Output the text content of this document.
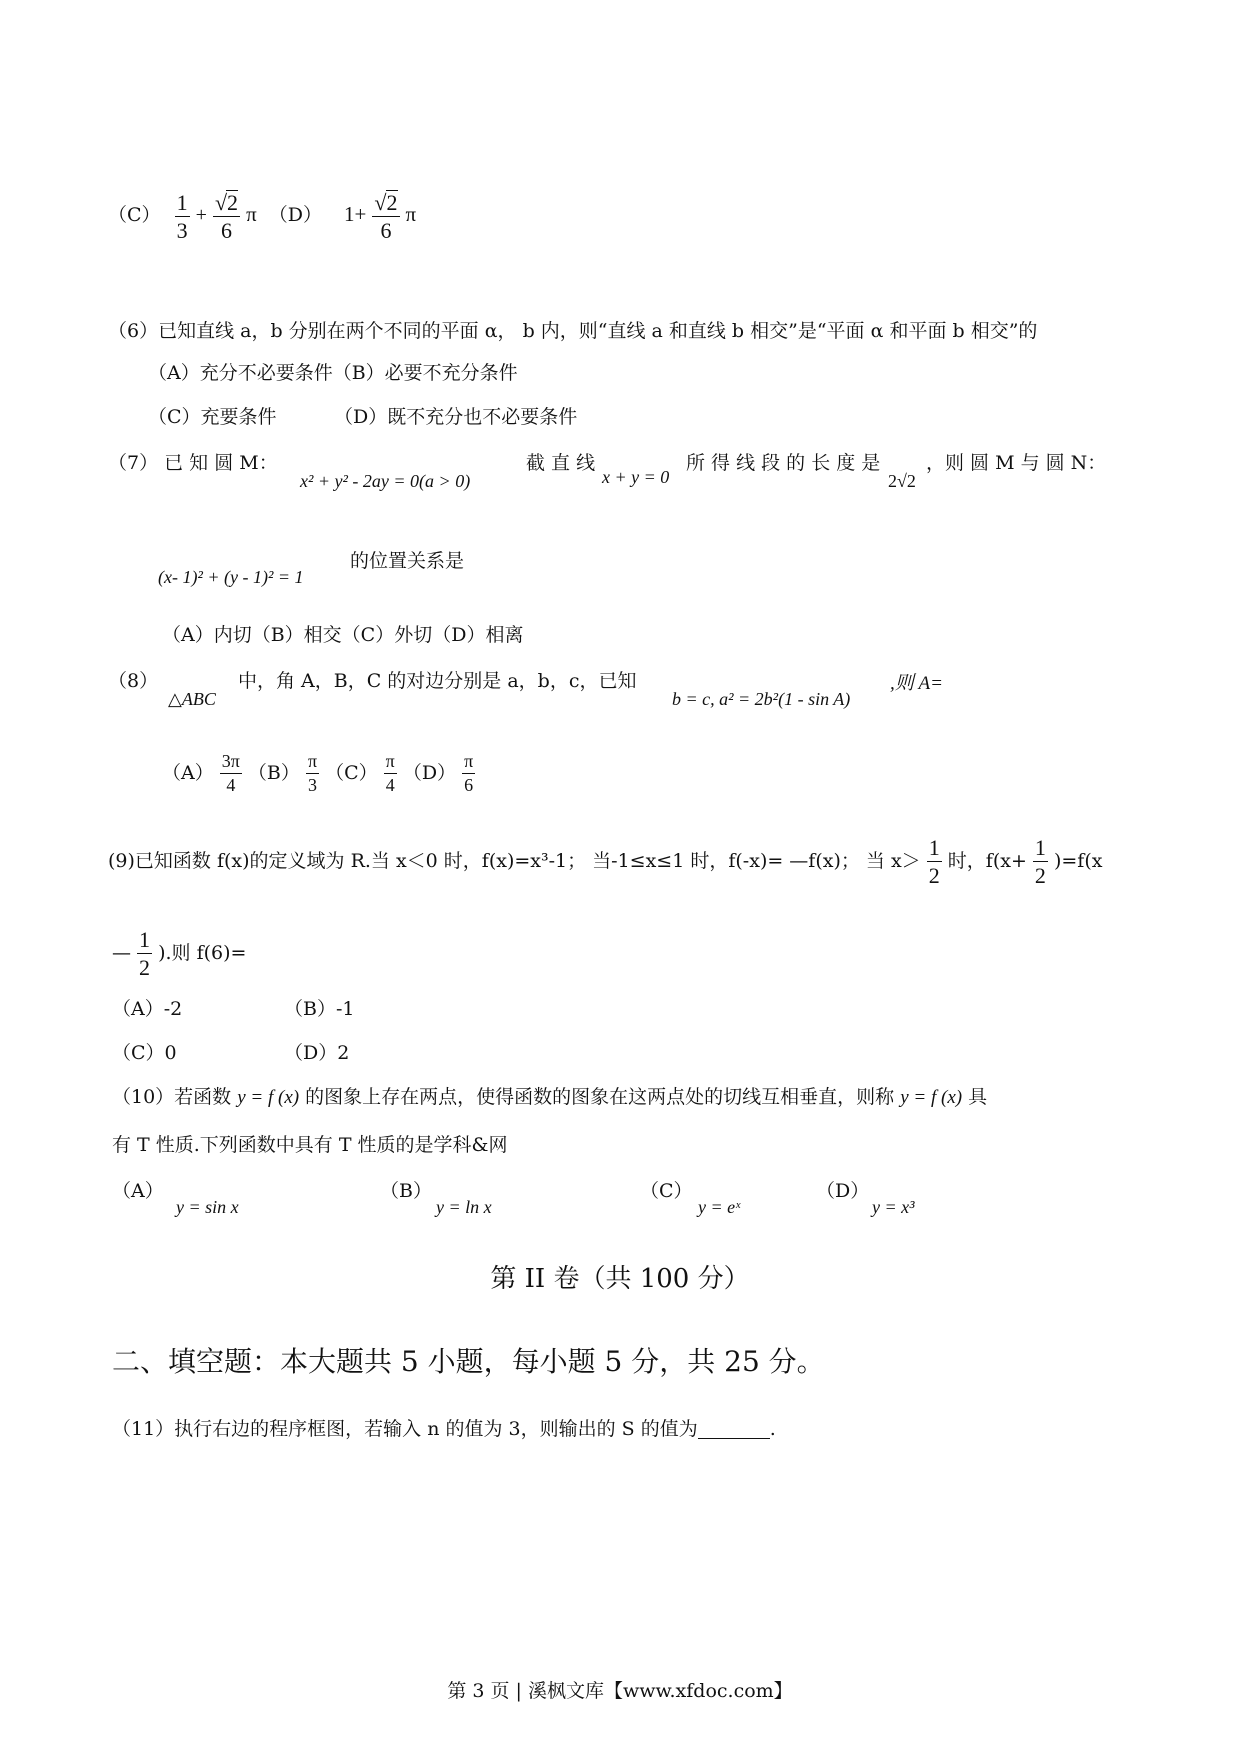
$(C) \frac{1}{3} + \frac{√2}{6}$ π （D） $1+ \frac{√2}{6}$ π
（6）已知直线 a，b 分别在两个不同的平面 α， b 内，则“直线 a 和直线 b 相交”是“平面 α 和平面 b 相交”的
（A）充分不必要条件（B）必要不充分条件
（C）充要条件	（D）既不充分也不必要条件
（7） 已 知 圆 M：
x² + y² - 2ay = 0(a > 0)
截 直 线
x + y = 0
所 得 线 段 的 长 度 是
2√2
，则 圆 M 与 圆 N：
(x- 1)² + (y - 1)² = 1
的位置关系是
（A）内切（B）相交（C）外切（D）相离
（8）
△ABC
中，角 A，B，C 的对边分别是 a，b，c，已知
b = c, a² = 2b²(1 - sin A)
,则 A=
$(A) \frac{3\pi}{4} (B) \frac{\pi}{3} (C) \frac{\pi}{4} (D) \frac{\pi}{6}$
(9)已知函数 f(x)的定义域为 R.当 x＜0 时，f(x)=x³-1； 当-1≤x≤1 时，f(-x)= —f(x)； 当 $x> \frac{1}{2}$ 时，$f(x+ \frac{1}{2} )=f(x$
— $\frac{1}{2}$ ).则 f(6)=
（A）-2	（B）-1
（C）0	（D）2
（10）若函数 y = f (x) 的图象上存在两点，使得函数的图象在这两点处的切线互相垂直，则称 y = f (x) 具
有 T 性质.下列函数中具有 T 性质的是学科&网
（A）
y = sin x
（B）
y = ln x
（C）
y = eˣ
（D）
y = x³
第 II 卷（共 100 分）
二、填空题：本大题共 5 小题，每小题 5 分，共 25 分。
（11）执行右边的程序框图，若输入 n 的值为 3，则输出的 S 的值为	.
第 3 页 | 溪枫文库【www.xfdoc.com】
